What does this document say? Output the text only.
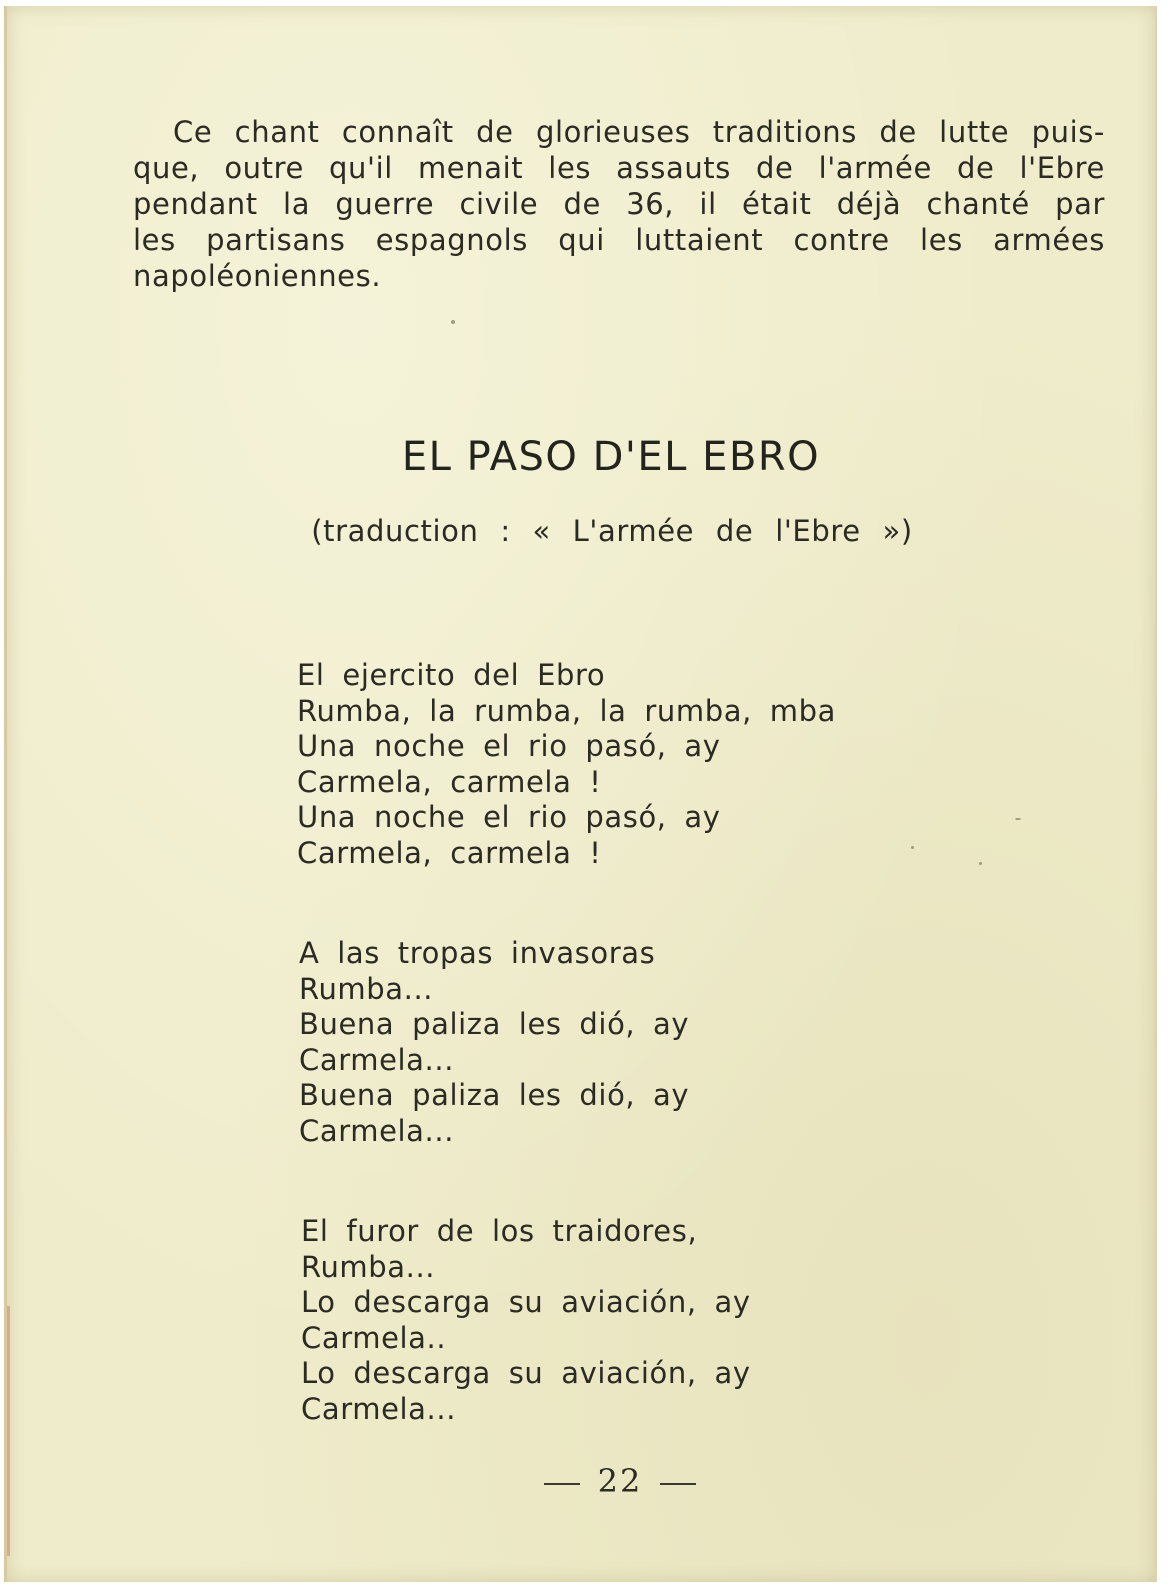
Ce chant connaît de glorieuses traditions de lutte puis-
que, outre qu'il menait les assauts de l'armée de l'Ebre
pendant la guerre civile de 36, il était déjà chanté par
les partisans espagnols qui luttaient contre les armées
napoléoniennes.
EL PASO D'EL EBRO
(traduction : « L'armée de l'Ebre »)
El ejercito del Ebro
Rumba, la rumba, la rumba, mba
Una noche el rio pasó, ay
Carmela, carmela !
Una noche el rio pasó, ay
Carmela, carmela !
A las tropas invasoras
Rumba...
Buena paliza les dió, ay
Carmela...
Buena paliza les dió, ay
Carmela...
El furor de los traidores,
Rumba...
Lo descarga su aviación, ay
Carmela..
Lo descarga su aviación, ay
Carmela...
22
